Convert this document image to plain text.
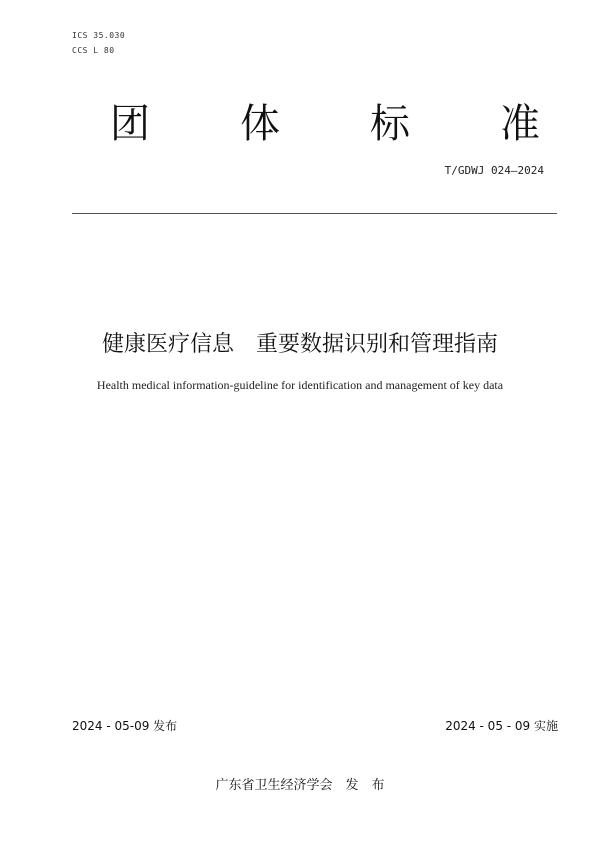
ICS 35.030
CCS L 80
团 体 标 准
T/GDWJ 024—2024
健康医疗信息　重要数据识别和管理指南
Health medical information-guideline for identification and management of key data
2024 - 05-09 发布	2024 - 05 - 09 实施
广东省卫生经济学会　发　布
